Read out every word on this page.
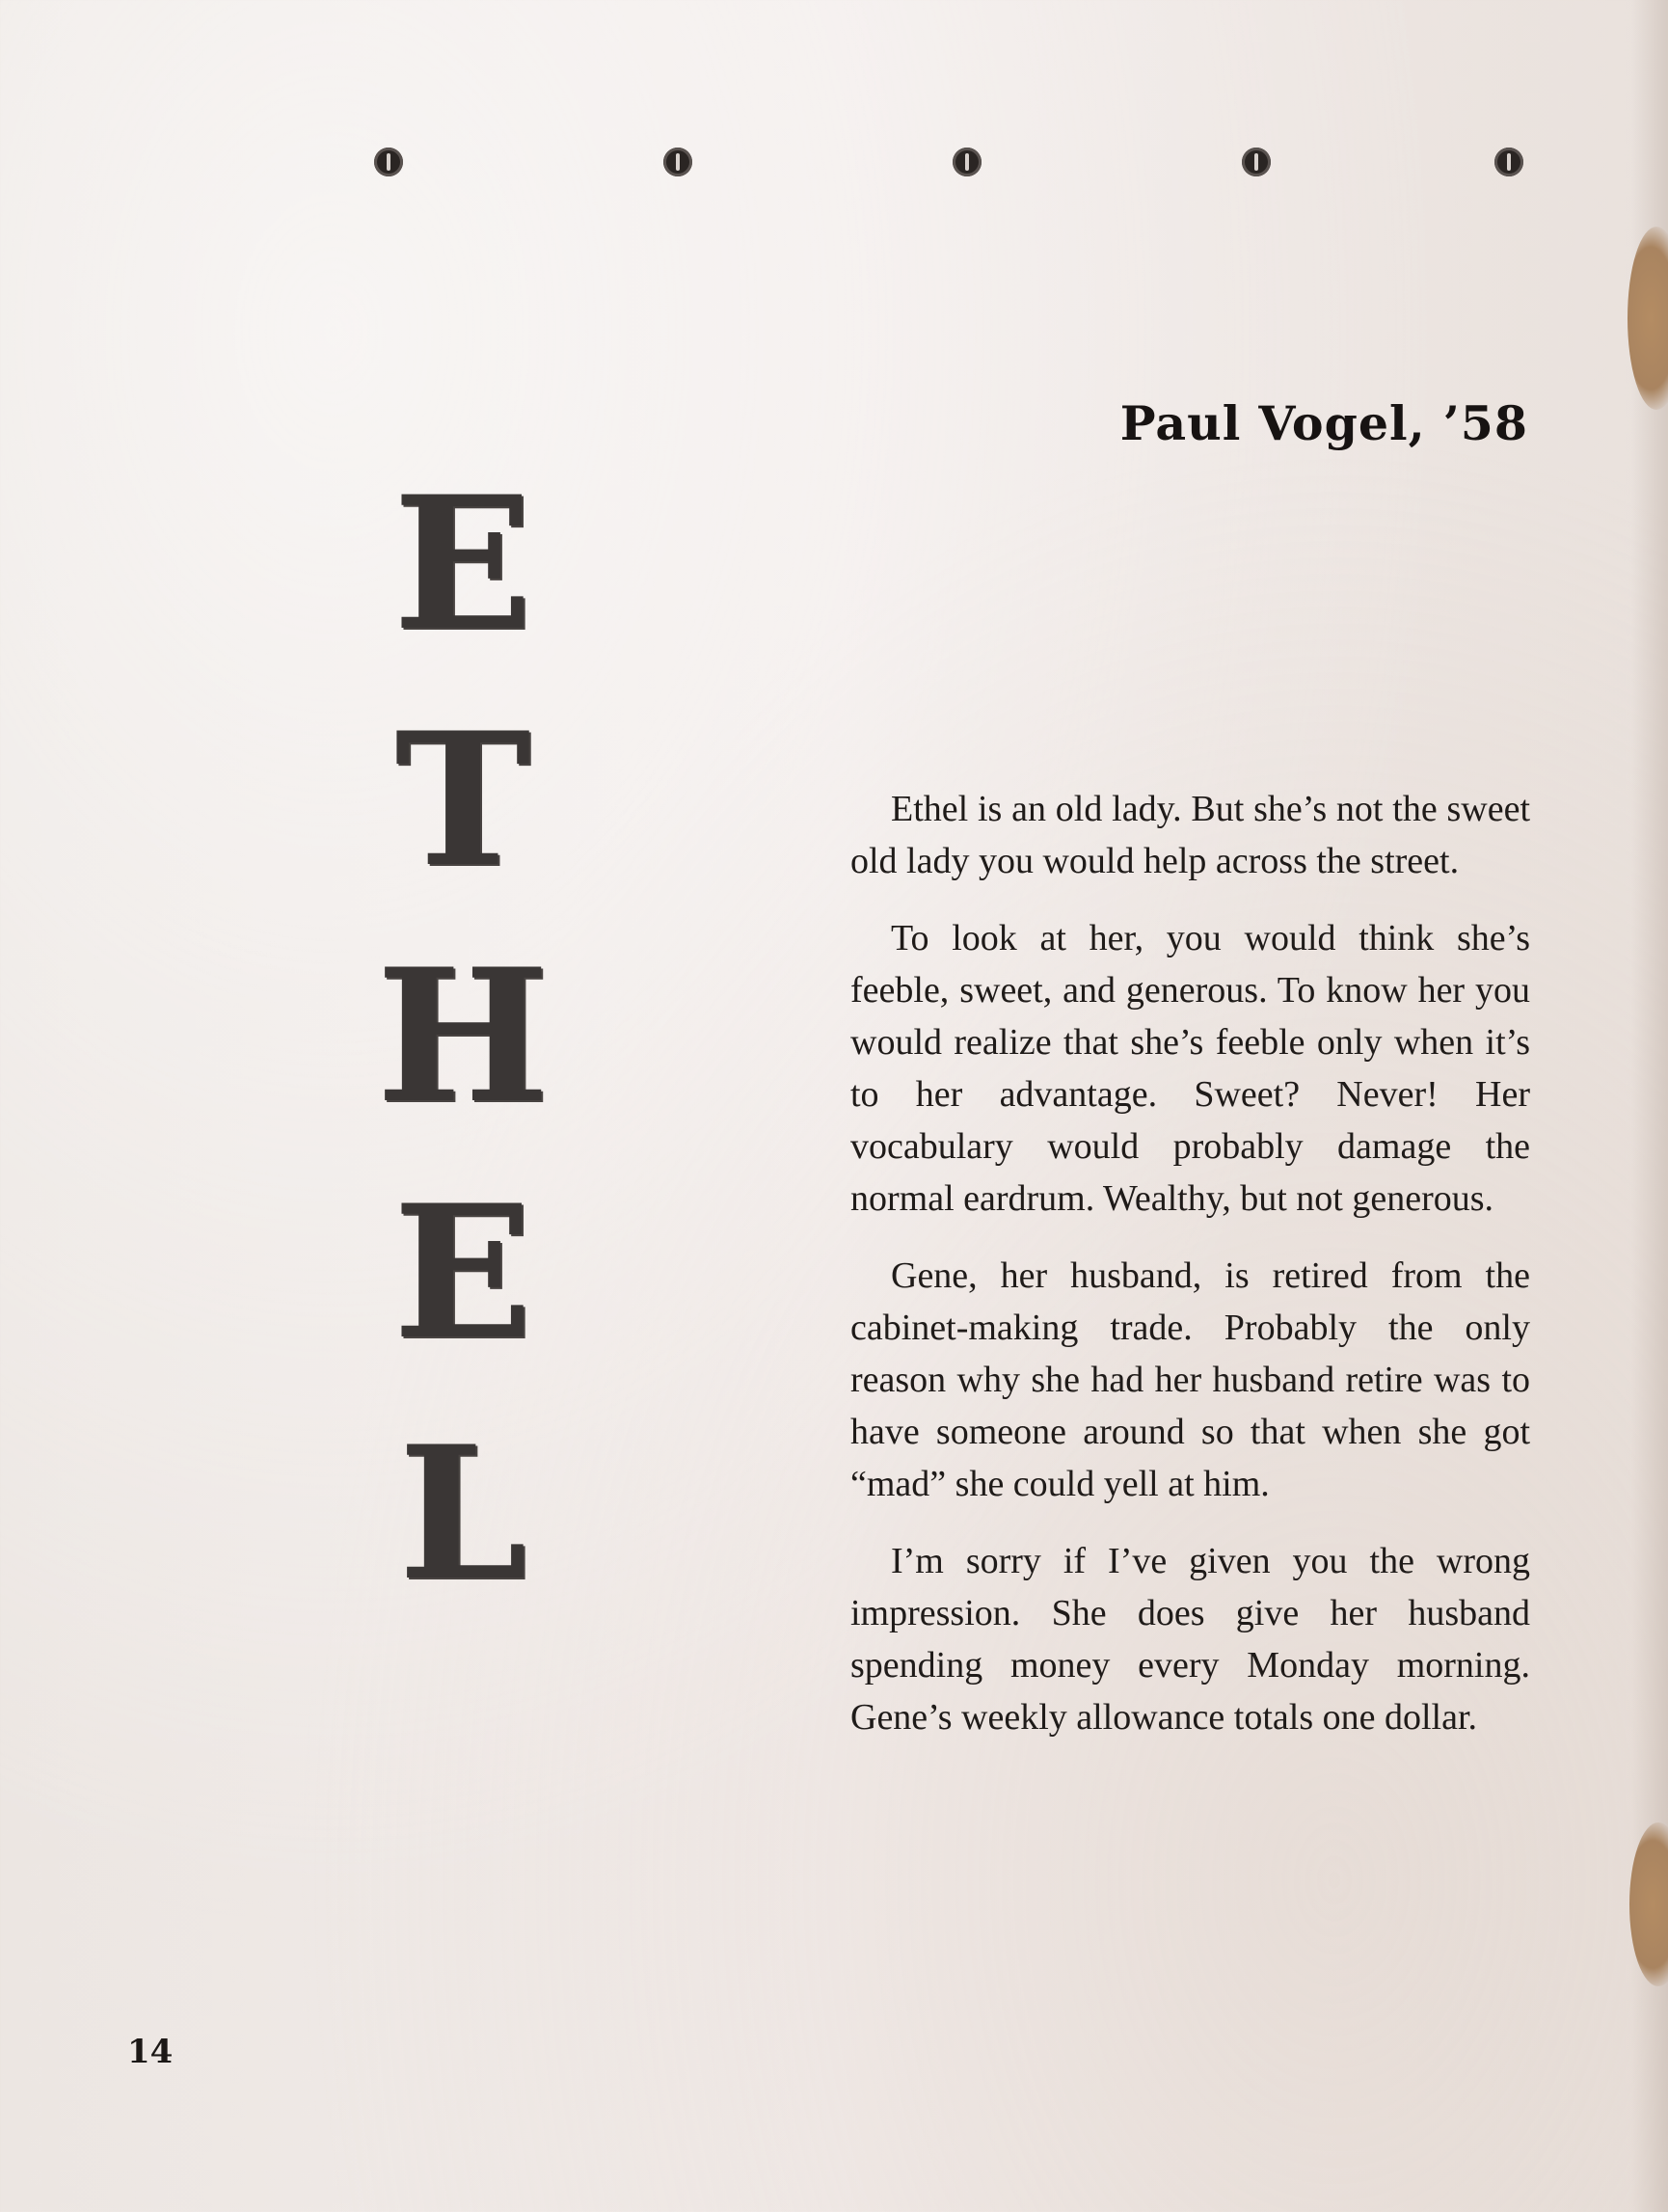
Paul Vogel, ’58
E
T
H
E
L

Ethel is an old lady. But she’s not the sweet old lady you would help across the street.

To look at her, you would think she’s feeble, sweet, and generous. To know her you would realize that she’s feeble only when it’s to her advantage. Sweet? Never! Her vocabulary would probably damage the normal eardrum. Wealthy, but not generous.

Gene, her husband, is retired from the cabinet-making trade. Probably the only reason why she had her husband retire was to have someone around so that when she got “mad” she could yell at him.

I’m sorry if I’ve given you the wrong impression. She does give her husband spending money every Monday morning. Gene’s weekly allowance totals one dollar.

14
